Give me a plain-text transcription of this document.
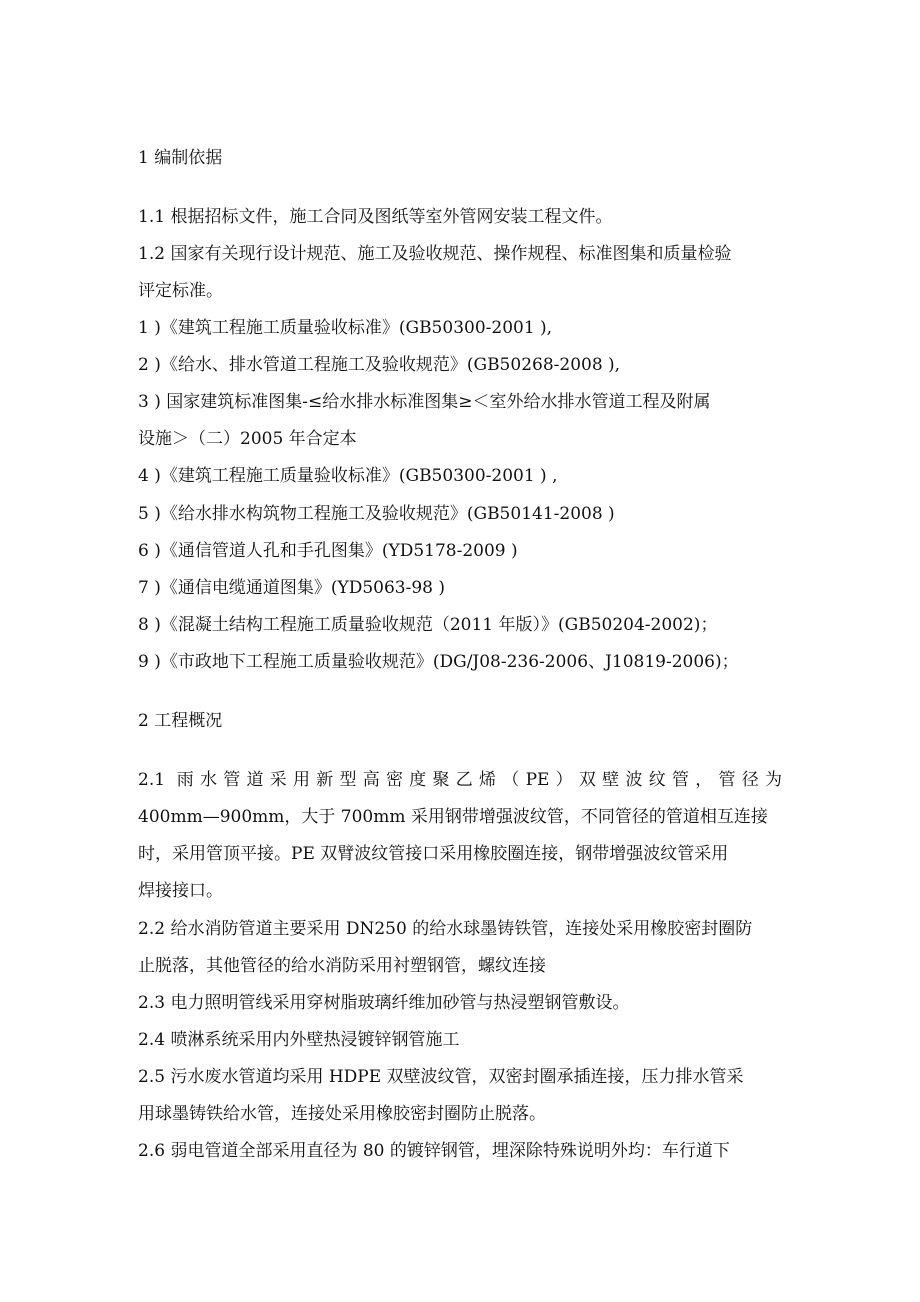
1 编制依据
1.1 根据招标文件，施工合同及图纸等室外管网安装工程文件。
1.2 国家有关现行设计规范、施工及验收规范、操作规程、标准图集和质量检验
评定标准。
1 )《建筑工程施工质量验收标准》(GB50300-2001 ),
2 )《给水、排水管道工程施工及验收规范》(GB50268-2008 ),
3 ) 国家建筑标准图集-≤给水排水标准图集≥＜室外给水排水管道工程及附属
设施＞（二）2005 年合定本
4 )《建筑工程施工质量验收标准》(GB50300-2001 ) ,
5 )《给水排水构筑物工程施工及验收规范》(GB50141-2008 )
6 )《通信管道人孔和手孔图集》(YD5178-2009 )
7 )《通信电缆通道图集》(YD5063-98 )
8 )《混凝土结构工程施工质量验收规范（2011 年版）》(GB50204-2002)；
9 )《市政地下工程施工质量验收规范》(DG/J08-236-2006、J10819-2006)；
2 工程概况
2.1 雨水管道采用新型高密度聚乙烯（PE）双壁波纹管，管径为
400mm—900mm，大于 700mm 采用钢带增强波纹管，不同管径的管道相互连接
时，采用管顶平接。PE 双臂波纹管接口采用橡胶圈连接，钢带增强波纹管采用
焊接接口。
2.2 给水消防管道主要采用 DN250 的给水球墨铸铁管，连接处采用橡胶密封圈防
止脱落，其他管径的给水消防采用衬塑钢管，螺纹连接
2.3 电力照明管线采用穿树脂玻璃纤维加砂管与热浸塑钢管敷设。
2.4 喷淋系统采用内外壁热浸镀锌钢管施工
2.5 污水废水管道均采用 HDPE 双壁波纹管，双密封圈承插连接，压力排水管采
用球墨铸铁给水管，连接处采用橡胶密封圈防止脱落。
2.6 弱电管道全部采用直径为 80 的镀锌钢管，埋深除特殊说明外均：车行道下
